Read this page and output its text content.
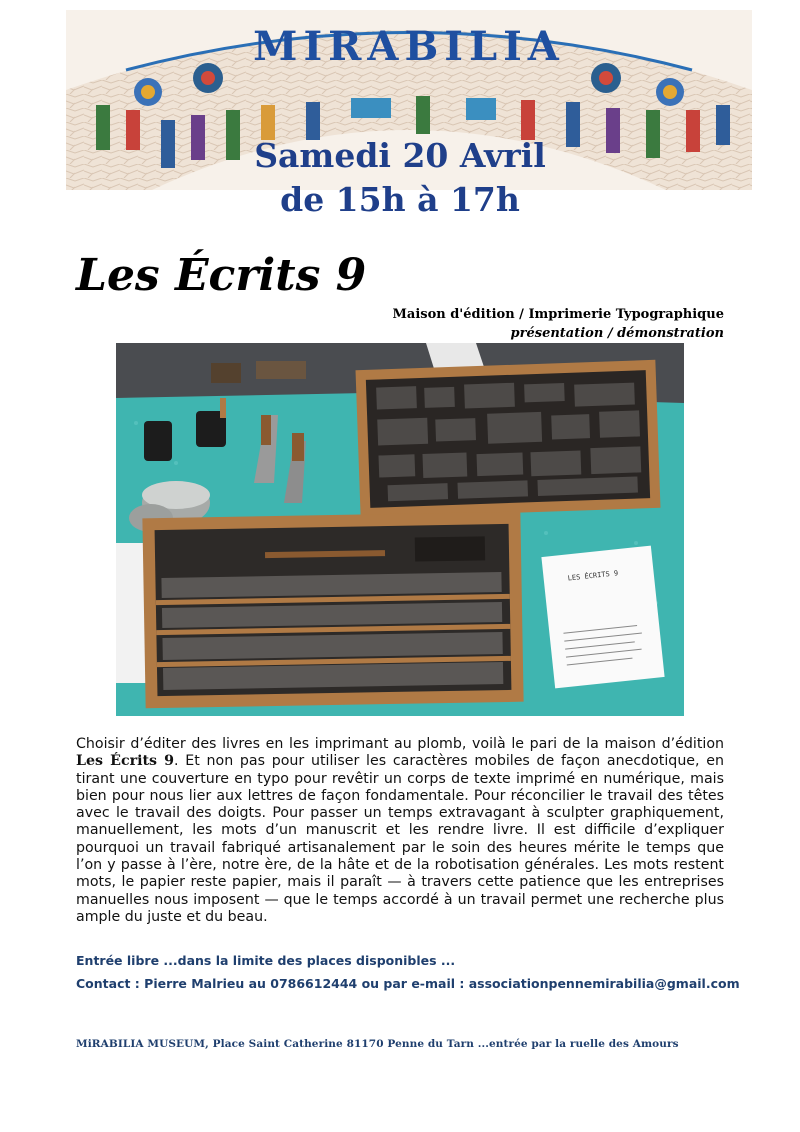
MIRABILIA
Samedi 20 Avril
de 15h à 17h
Les Écrits 9
Maison d'édition / Imprimerie Typographique
présentation / démonstration
LES ÉCRITS 9
Choisir d’éditer des livres en les imprimant au plomb, voilà le pari de la maison d’édition Les Écrits 9. Et non pas pour utiliser les caractères mobiles de façon anecdotique, en tirant une couverture en typo pour revêtir un corps de texte imprimé en numérique, mais bien pour nous lier aux lettres de façon fondamentale. Pour réconcilier le travail des têtes avec le travail des doigts. Pour passer un temps extravagant à sculpter graphiquement, manuellement, les mots d’un manuscrit et les rendre livre. Il est difficile d’expliquer pourquoi un travail fabriqué artisanalement par le soin des heures mérite le temps que l’on y passe à l’ère, notre ère, de la hâte et de la robotisation générales. Les mots restent mots, le papier reste papier, mais il paraît — à travers cette patience que les entreprises manuelles nous imposent — que le temps accordé à un travail permet une recherche plus ample du juste et du beau.
Entrée libre ...dans la limite des places disponibles ...
Contact : Pierre Malrieu au 0786612444 ou par e-mail : associationpennemirabilia@gmail.com
MiRABILIA MUSEUM, Place Saint Catherine 81170 Penne du Tarn ...entrée par la ruelle des Amours
